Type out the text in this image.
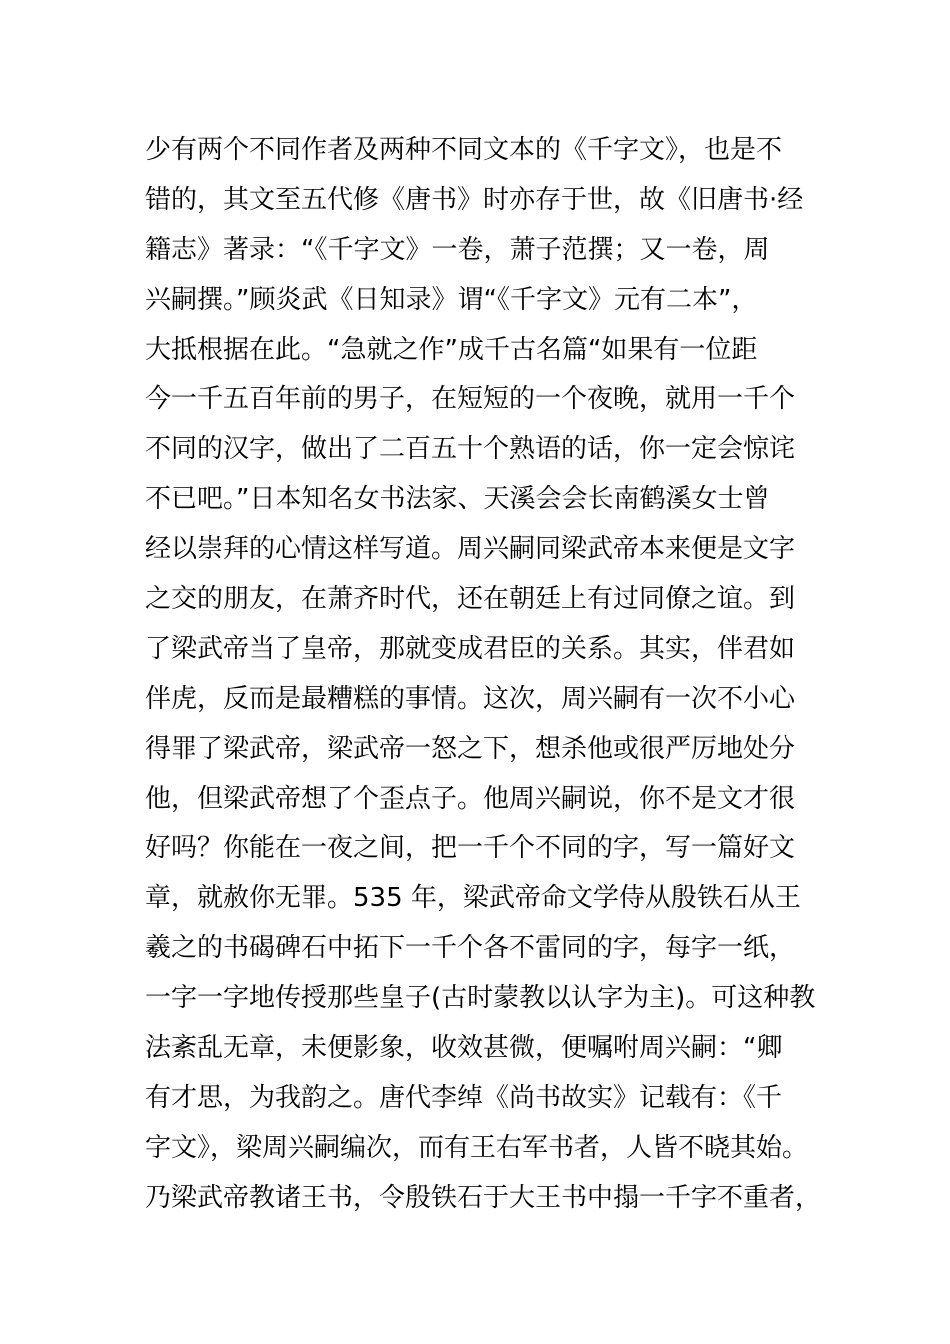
少有两个不同作者及两种不同文本的《千字文》，也是不
错的，其文至五代修《唐书》时亦存于世，故《旧唐书·经
籍志》著录：“《千字文》一卷，萧子范撰；又一卷，周
兴嗣撰。”顾炎武《日知录》谓“《千字文》元有二本”，
大抵根据在此。“急就之作”成千古名篇“如果有一位距
今一千五百年前的男子，在短短的一个夜晚，就用一千个
不同的汉字，做出了二百五十个熟语的话，你一定会惊诧
不已吧。”日本知名女书法家、天溪会会长南鹤溪女士曾
经以崇拜的心情这样写道。周兴嗣同梁武帝本来便是文字
之交的朋友，在萧齐时代，还在朝廷上有过同僚之谊。到
了梁武帝当了皇帝，那就变成君臣的关系。其实，伴君如
伴虎，反而是最糟糕的事情。这次，周兴嗣有一次不小心
得罪了梁武帝，梁武帝一怒之下，想杀他或很严厉地处分
他，但梁武帝想了个歪点子。他周兴嗣说，你不是文才很
好吗？你能在一夜之间，把一千个不同的字，写一篇好文
章，就赦你无罪。535 年，梁武帝命文学侍从殷铁石从王
羲之的书碣碑石中拓下一千个各不雷同的字，每字一纸，
一字一字地传授那些皇子(古时蒙教以认字为主)。可这种教
法紊乱无章，未便影象，收效甚微，便嘱咐周兴嗣：“卿
有才思，为我韵之。唐代李绰《尚书故实》记载有：《千
字文》，梁周兴嗣编次，而有王右军书者，人皆不晓其始。
乃梁武帝教诸王书，令殷铁石于大王书中搨一千字不重者，
